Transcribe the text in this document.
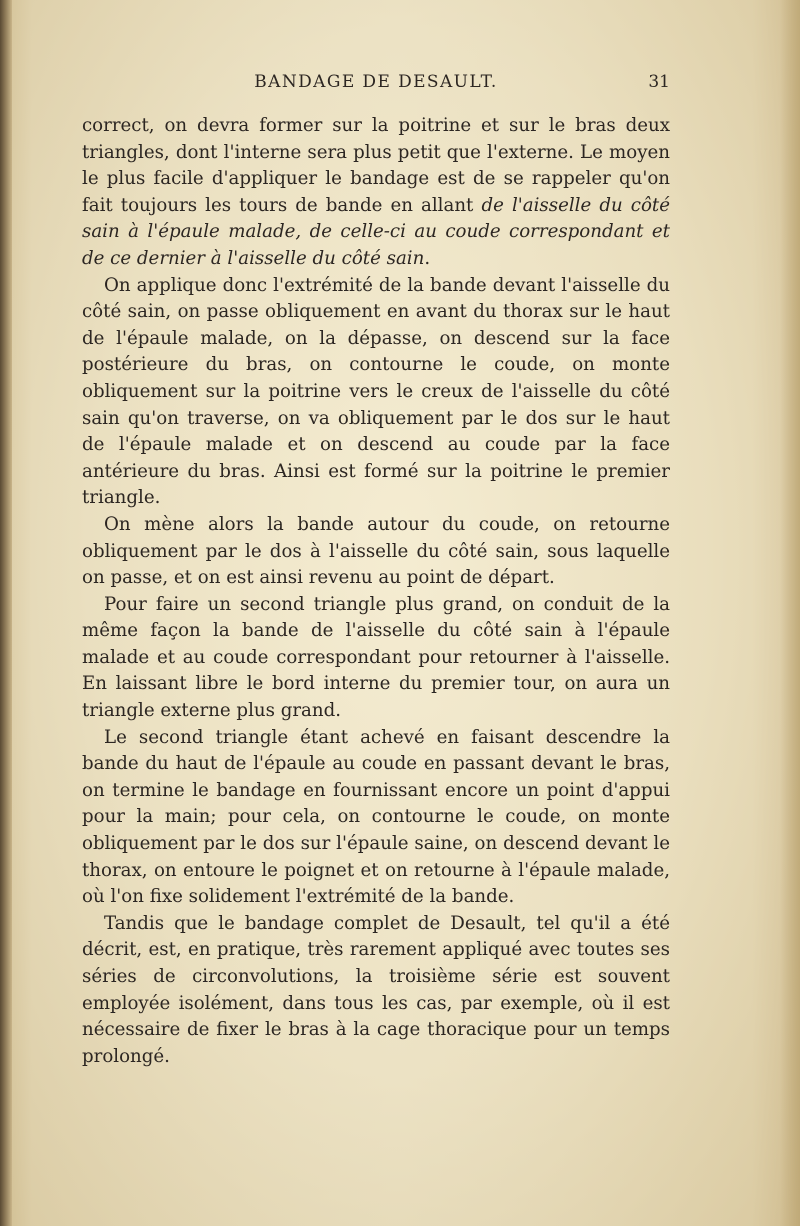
BANDAGE DE DESAULT.	31

correct, on devra former sur la poitrine et sur le bras deux triangles, dont l'interne sera plus petit que l'externe. Le moyen le plus facile d'appliquer le bandage est de se rappeler qu'on fait toujours les tours de bande en allant de l'aisselle du côté sain à l'épaule malade, de celle-ci au coude correspondant et de ce dernier à l'aisselle du côté sain.

On applique donc l'extrémité de la bande devant l'aisselle du côté sain, on passe obliquement en avant du thorax sur le haut de l'épaule malade, on la dépasse, on descend sur la face postérieure du bras, on contourne le coude, on monte obliquement sur la poitrine vers le creux de l'aisselle du côté sain qu'on traverse, on va obliquement par le dos sur le haut de l'épaule malade et on descend au coude par la face antérieure du bras. Ainsi est formé sur la poitrine le premier triangle.

On mène alors la bande autour du coude, on retourne obliquement par le dos à l'aisselle du côté sain, sous laquelle on passe, et on est ainsi revenu au point de départ.

Pour faire un second triangle plus grand, on conduit de la même façon la bande de l'aisselle du côté sain à l'épaule malade et au coude correspondant pour retourner à l'aisselle. En laissant libre le bord interne du premier tour, on aura un triangle externe plus grand.

Le second triangle étant achevé en faisant descendre la bande du haut de l'épaule au coude en passant devant le bras, on termine le bandage en fournissant encore un point d'appui pour la main; pour cela, on contourne le coude, on monte obliquement par le dos sur l'épaule saine, on descend devant le thorax, on entoure le poignet et on retourne à l'épaule malade, où l'on fixe solidement l'extrémité de la bande.

Tandis que le bandage complet de Desault, tel qu'il a été décrit, est, en pratique, très rarement appliqué avec toutes ses séries de circonvolutions, la troisième série est souvent employée isolément, dans tous les cas, par exemple, où il est nécessaire de fixer le bras à la cage thoracique pour un temps prolongé.
